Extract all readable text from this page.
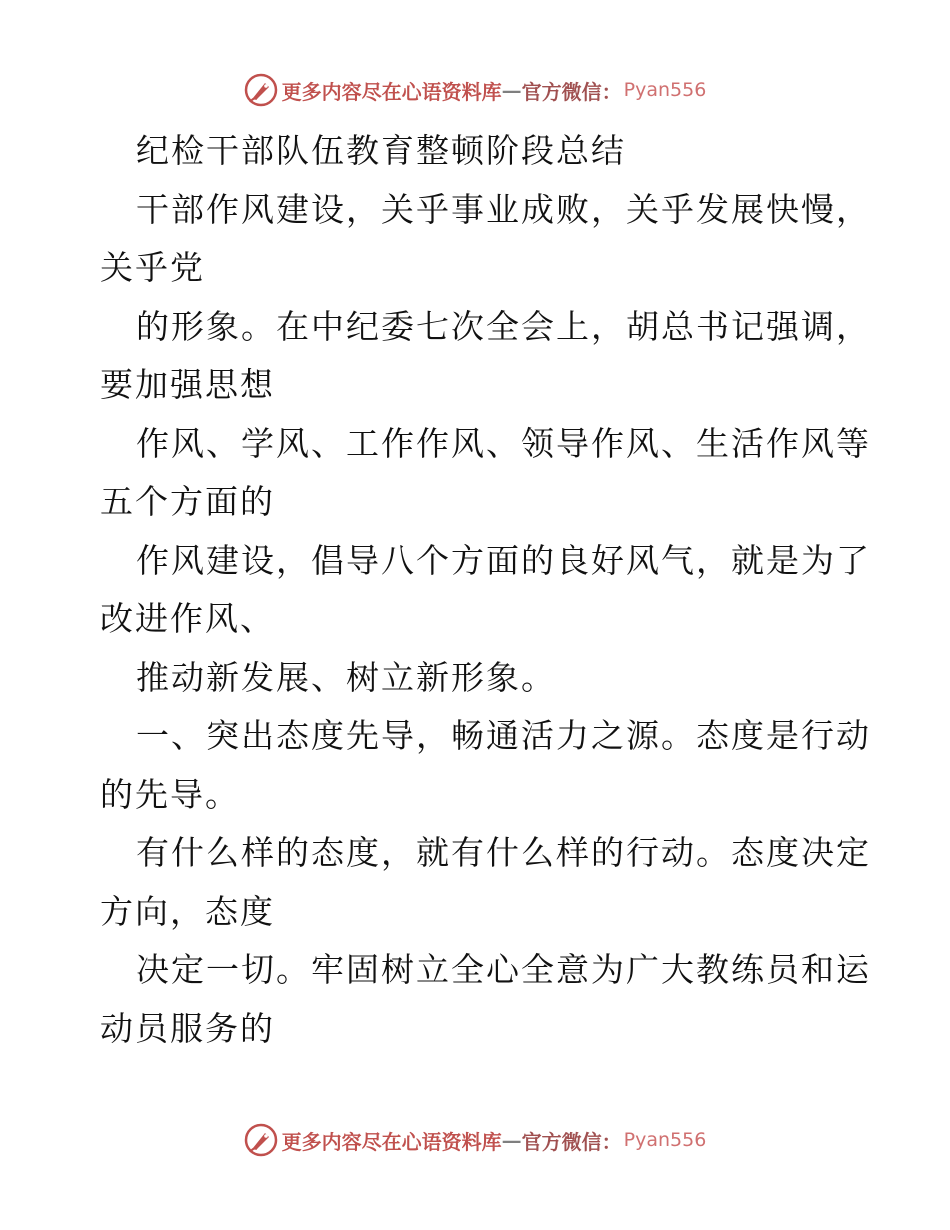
更多内容尽在心语资料库 — 官方微信： Pyan556
纪检干部队伍教育整顿阶段总结
干部作风建设，关乎事业成败，关乎发展快慢，
关乎党
的形象。在中纪委七次全会上，胡总书记强调，
要加强思想
作风、学风、工作作风、领导作风、生活作风等
五个方面的
作风建设，倡导八个方面的良好风气，就是为了
改进作风、
推动新发展、树立新形象。
一、突出态度先导，畅通活力之源。态度是行动
的先导。
有什么样的态度，就有什么样的行动。态度决定
方向，态度
决定一切。牢固树立全心全意为广大教练员和运
动员服务的
更多内容尽在心语资料库 — 官方微信： Pyan556
